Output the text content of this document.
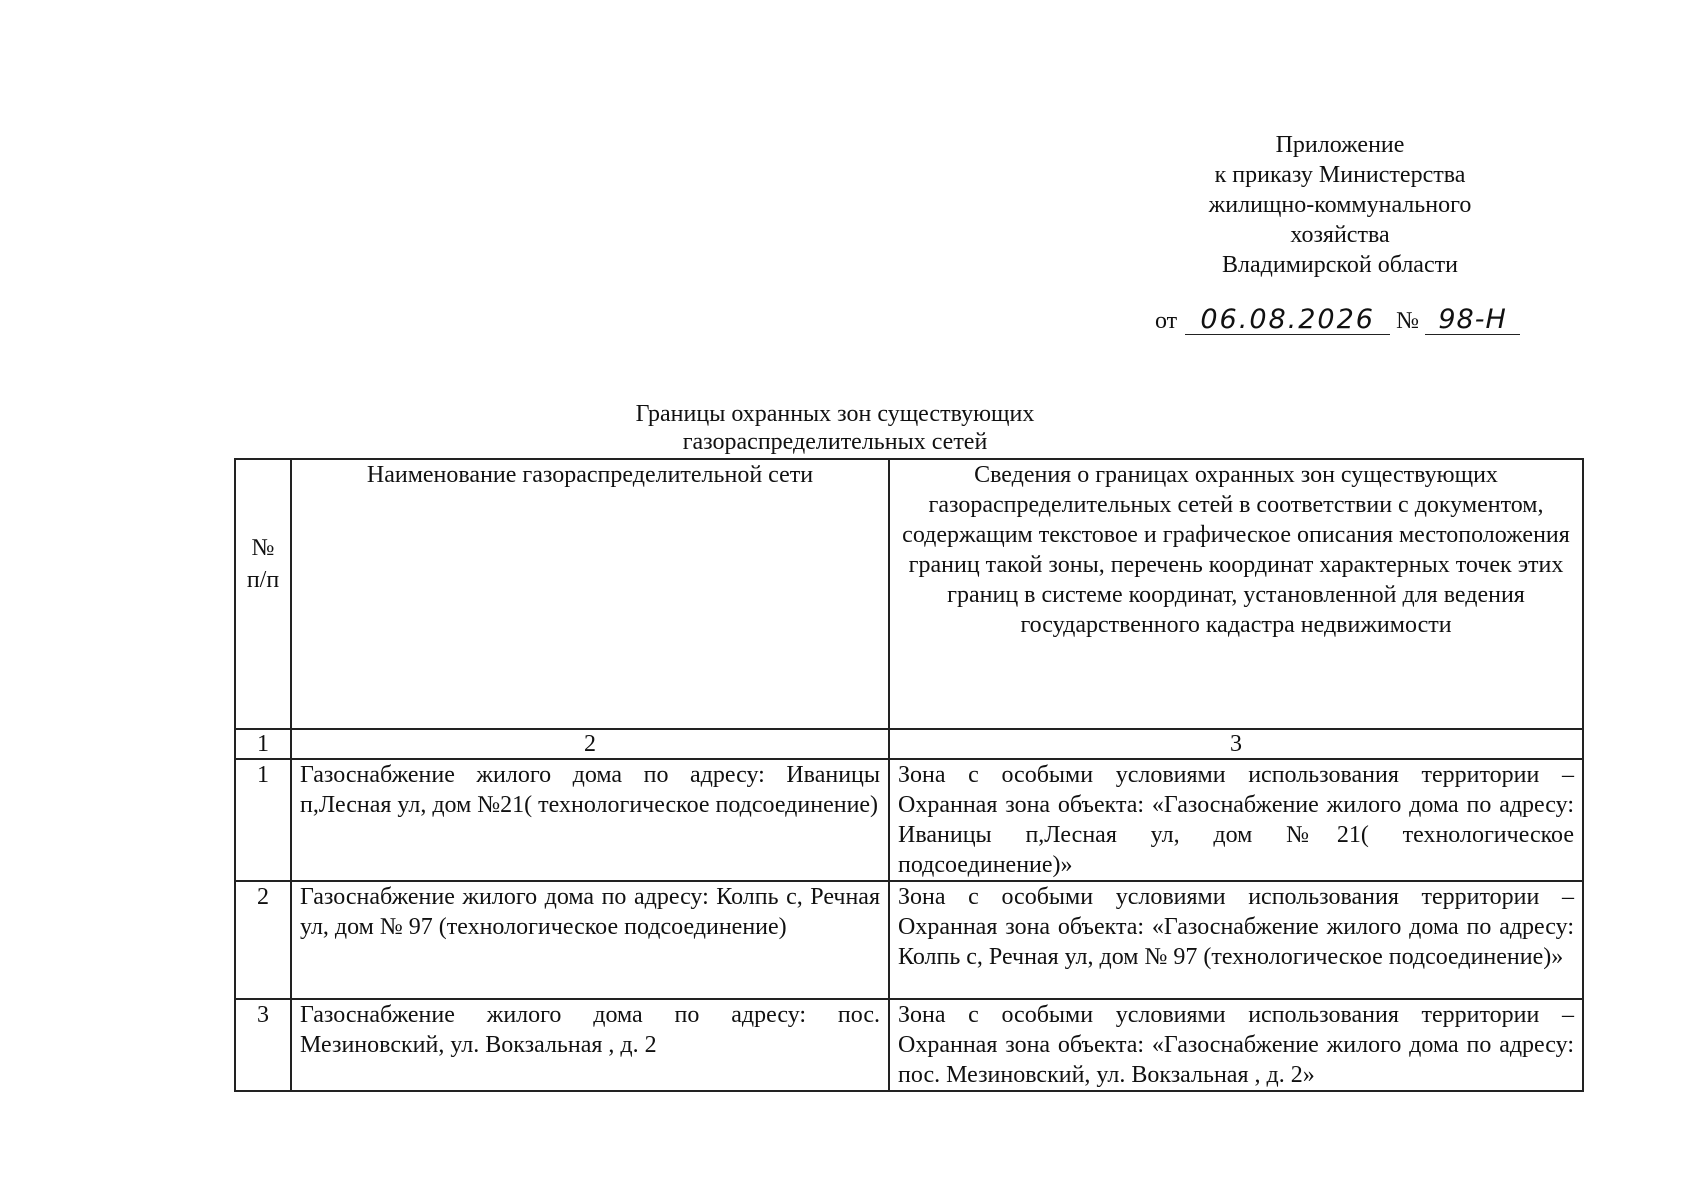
Приложение
к приказу Министерства
жилищно-коммунального
хозяйства
Владимирской области
от 06.08.2026 № 98-Н
Границы охранных зон существующих
газораспределительных сетей
№ п/п	Наименование газораспределительной сети	Сведения о границах охранных зон существующих газораспределительных сетей в соответствии с документом, содержащим текстовое и графическое описания местоположения границ такой зоны, перечень координат характерных точек этих границ в системе координат, установленной для ведения государственного кадастра недвижимости
1	2	3
1	Газоснабжение жилого дома по адресу: Иваницы п,Лесная ул, дом №21( технологическое подсоединение)	Зона с особыми условиями использования территории – Охранная зона объекта: «Газоснабжение жилого дома по адресу: Иваницы п,Лесная ул, дом №21( технологическое подсоединение)»
2	Газоснабжение жилого дома по адресу: Колпь с, Речная ул, дом № 97 (технологическое подсоединение)	Зона с особыми условиями использования территории – Охранная зона объекта: «Газоснабжение жилого дома по адресу: Колпь с, Речная ул, дом № 97 (технологическое подсоединение)»
3	Газоснабжение жилого дома по адресу: пос. Мезиновский, ул. Вокзальная , д. 2	Зона с особыми условиями использования территории – Охранная зона объекта: «Газоснабжение жилого дома по адресу: пос. Мезиновский, ул. Вокзальная , д. 2»
